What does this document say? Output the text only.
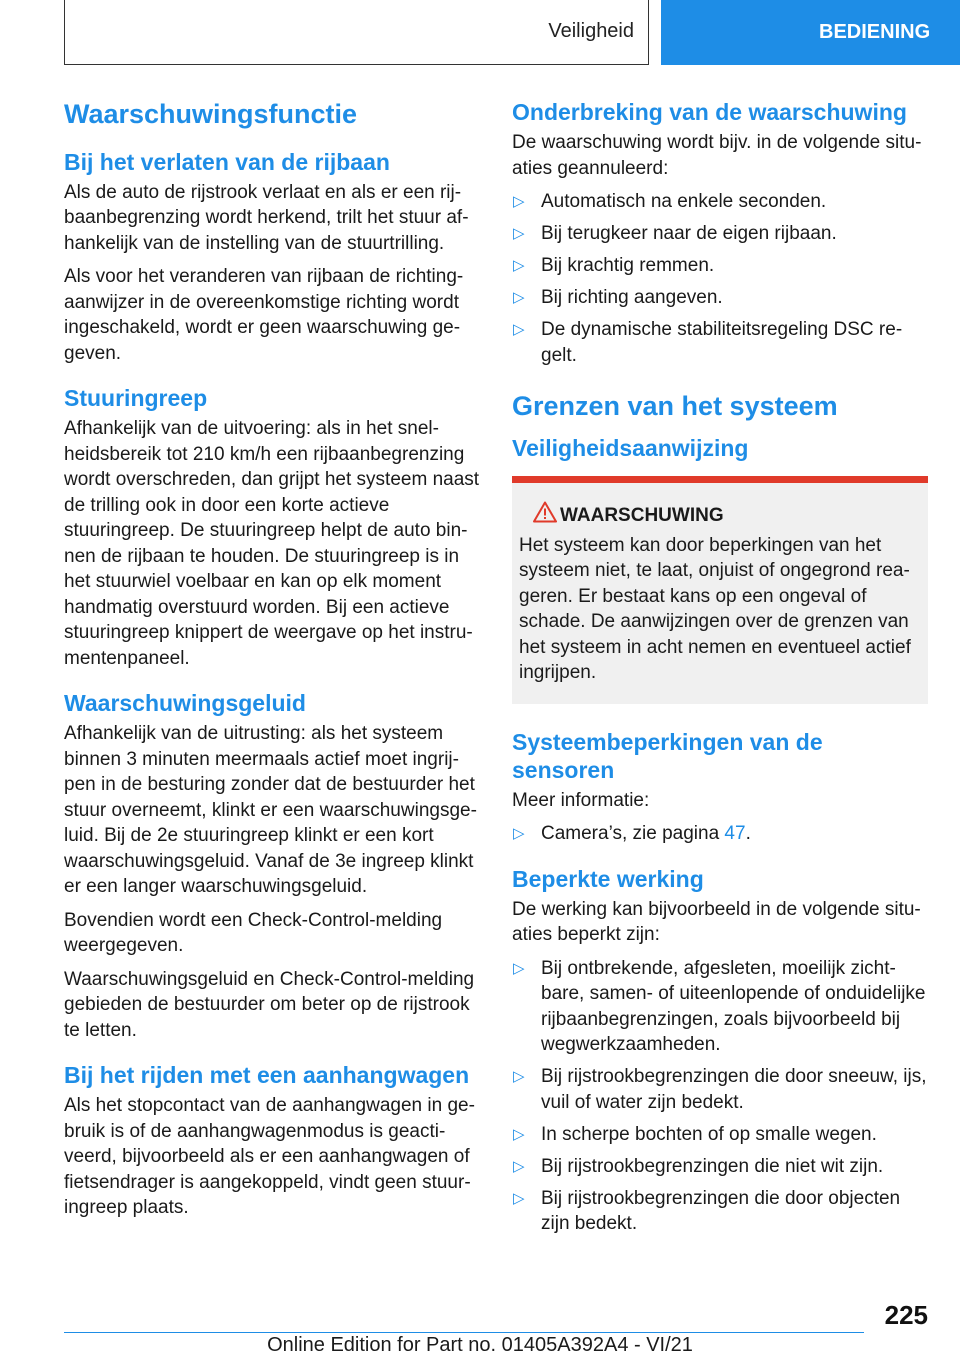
Veiligheid	BEDIENING
Waarschuwingsfunctie
Bij het verlaten van de rijbaan

Als de auto de rijstrook verlaat en als er een rijbaanbegrenzing wordt herkend, trilt het stuur afhankelijk van de instelling van de stuurtrilling.

Als voor het veranderen van rijbaan de richtingaanwijzer in de overeenkomstige richting wordt ingeschakeld, wordt er geen waarschuwing gegeven.

Stuuringreep

Afhankelijk van de uitvoering: als in het snelheidsbereik tot 210 km/h een rijbaanbegrenzing wordt overschreden, dan grijpt het systeem naast de trilling ook in door een korte actieve stuuringreep. De stuuringreep helpt de auto binnen de rijbaan te houden. De stuuringreep is in het stuurwiel voelbaar en kan op elk moment handmatig overstuurd worden. Bij een actieve stuuringreep knippert de weergave op het instrumentenpaneel.

Waarschuwingsgeluid

Afhankelijk van de uitrusting: als het systeem binnen 3 minuten meermaals actief moet ingrijpen in de besturing zonder dat de bestuurder het stuur overneemt, klinkt er een waarschuwingsgeluid. Bij de 2e stuuringreep klinkt er een kort waarschuwingsgeluid. Vanaf de 3e ingreep klinkt er een langer waarschuwingsgeluid.

Bovendien wordt een Check-Control-melding weergegeven.

Waarschuwingsgeluid en Check-Control-melding gebieden de bestuurder om beter op de rijstrook te letten.

Bij het rijden met een aanhangwagen

Als het stopcontact van de aanhangwagen in gebruik is of de aanhangwagenmodus is geactiveerd, bijvoorbeeld als er een aanhangwagen of fietsendrager is aangekoppeld, vindt geen stuuringreep plaats.

Onderbreking van de waarschuwing

De waarschuwing wordt bijv. in de volgende situaties geannuleerd:

▷ Automatisch na enkele seconden.
▷ Bij terugkeer naar de eigen rijbaan.
▷ Bij krachtig remmen.
▷ Bij richting aangeven.
▷ De dynamische stabiliteitsregeling DSC regelt.
Grenzen van het systeem
Veiligheidsaanwijzing
WAARSCHUWING

Het systeem kan door beperkingen van het systeem niet, te laat, onjuist of ongegrond reageren. Er bestaat kans op een ongeval of schade. De aanwijzingen over de grenzen van het systeem in acht nemen en eventueel actief ingrijpen.

Systeembeperkingen van de sensoren

Meer informatie:

▷ Camera’s, zie pagina 47.
Beperkte werking

De werking kan bijvoorbeeld in de volgende situaties beperkt zijn:

▷ Bij ontbrekende, afgesleten, moeilijk zichtbare, samen- of uiteenlopende of onduidelijke rijbaanbegrenzingen, zoals bijvoorbeeld bij wegwerkzaamheden.
▷ Bij rijstrookbegrenzingen die door sneeuw, ijs, vuil of water zijn bedekt.
▷ In scherpe bochten of op smalle wegen.
▷ Bij rijstrookbegrenzingen die niet wit zijn.
▷ Bij rijstrookbegrenzingen die door objecten zijn bedekt.
225
Online Edition for Part no. 01405A392A4 - VI/21
